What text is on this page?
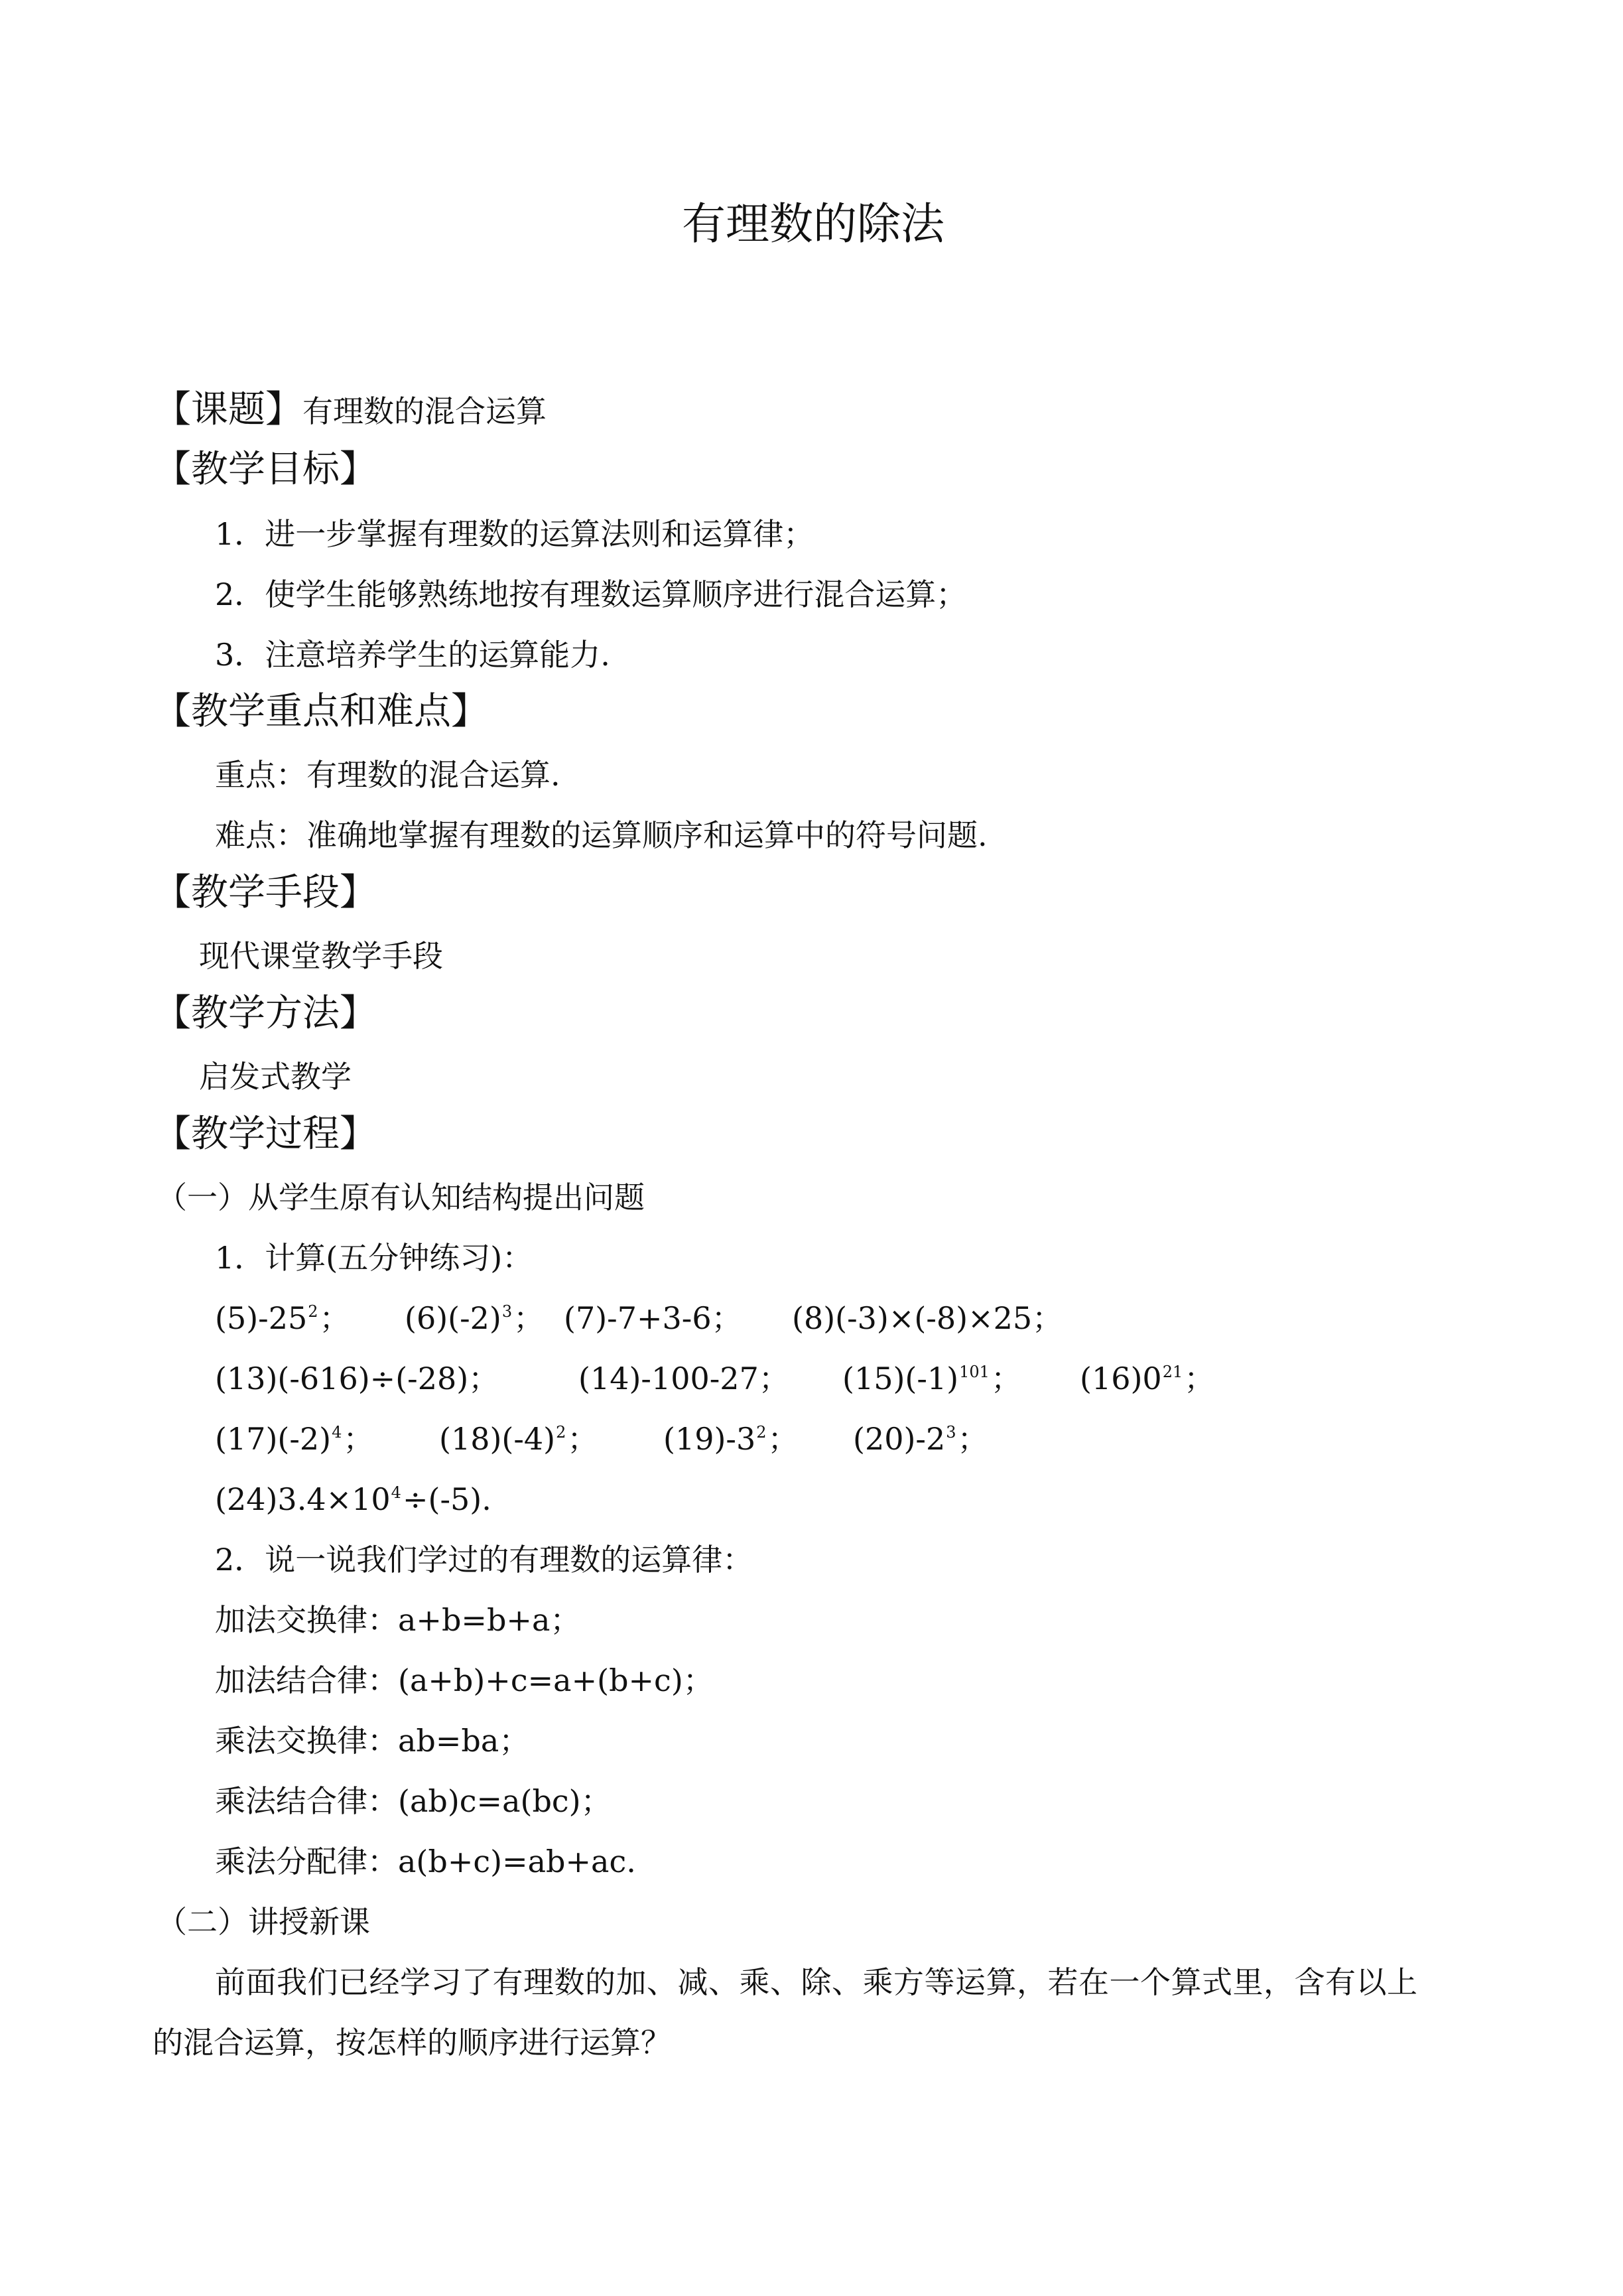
有理数的除法
【课题】有理数的混合运算
【教学目标】
1．进一步掌握有理数的运算法则和运算律；
2．使学生能够熟练地按有理数运算顺序进行混合运算；
3．注意培养学生的运算能力.
【教学重点和难点】
重点：有理数的混合运算.
难点：准确地掌握有理数的运算顺序和运算中的符号问题.
【教学手段】
现代课堂教学手段
【教学方法】
启发式教学
【教学过程】
（一）从学生原有认知结构提出问题
1．计算(五分钟练习)：
$(5)-25^2$； $(6)(-2)^3$； (7)-7+3-6； (8)(-3)×(-8)×25；
(13)(-616)÷(-28)；	(14)-100-27； $(15)(-1)^{101}$； $(16)0^{21}$；
$(17)(-2)^4$； $(18)(-4)^2$； $(19)-3^2$； $(20)-2^3$；
$(24)3.4\times 10^4\div(-5)$.
2．说一说我们学过的有理数的运算律：
加法交换律：a+b=b+a；
加法结合律：(a+b)+c=a+(b+c)；
乘法交换律：ab=ba；
乘法结合律：(ab)c=a(bc)；
乘法分配律：a(b+c)=ab+ac.
（二）讲授新课
前面我们已经学习了有理数的加、减、乘、除、乘方等运算，若在一个算式里，含有以上
的混合运算，按怎样的顺序进行运算？
